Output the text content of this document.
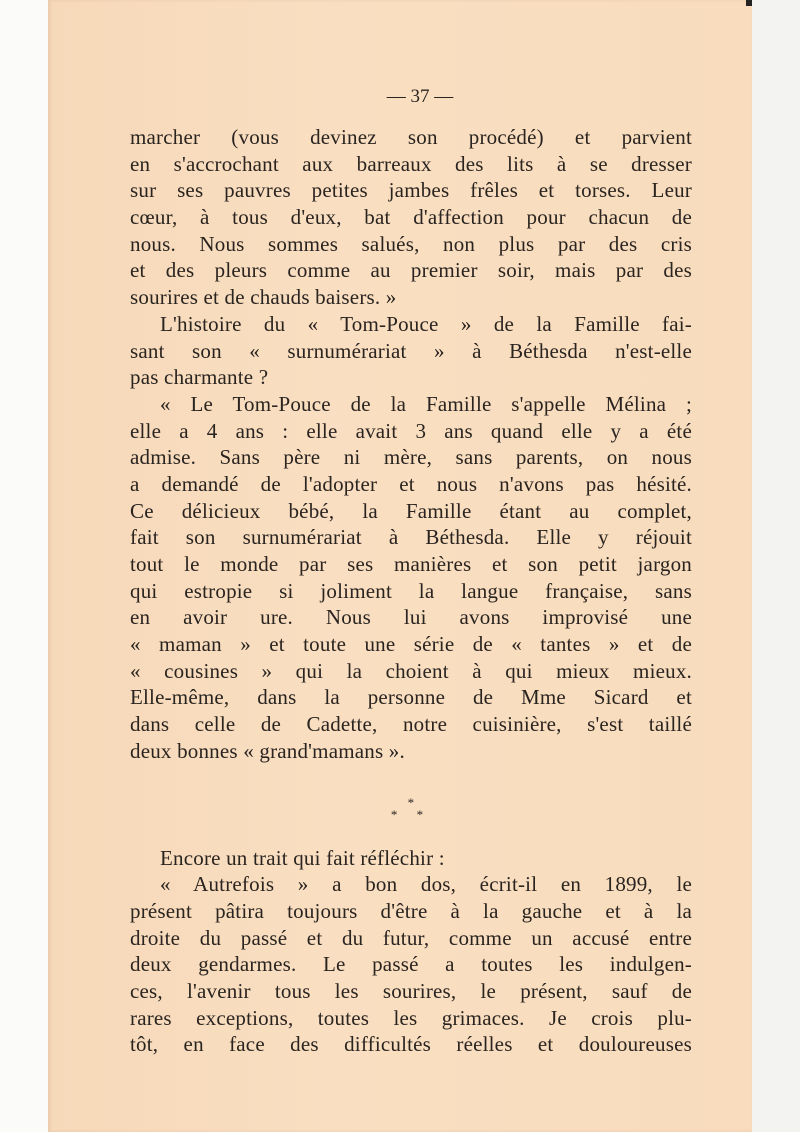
— 37 —
marcher (vous devinez son procédé) et parvient
en s'accrochant aux barreaux des lits à se dresser
sur ses pauvres petites jambes frêles et torses. Leur
cœur, à tous d'eux, bat d'affection pour chacun de
nous. Nous sommes salués, non plus par des cris
et des pleurs comme au premier soir, mais par des
sourires et de chauds baisers. »
L'histoire du « Tom-Pouce » de la Famille fai-
sant son « surnumérariat » à Béthesda n'est-elle
pas charmante ?
« Le Tom-Pouce de la Famille s'appelle Mélina ;
elle a 4 ans : elle avait 3 ans quand elle y a été
admise. Sans père ni mère, sans parents, on nous
a demandé de l'adopter et nous n'avons pas hésité.
Ce délicieux bébé, la Famille étant au complet,
fait son surnumérariat à Béthesda. Elle y réjouit
tout le monde par ses manières et son petit jargon
qui estropie si joliment la langue française, sans
en avoir ure. Nous lui avons improvisé une
« maman » et toute une série de « tantes » et de
« cousines » qui la choient à qui mieux mieux.
Elle-même, dans la personne de Mme Sicard et
dans celle de Cadette, notre cuisinière, s'est taillé
deux bonnes « grand'mamans ».
*
* *
Encore un trait qui fait réfléchir :
« Autrefois » a bon dos, écrit-il en 1899, le
présent pâtira toujours d'être à la gauche et à la
droite du passé et du futur, comme un accusé entre
deux gendarmes. Le passé a toutes les indulgen-
ces, l'avenir tous les sourires, le présent, sauf de
rares exceptions, toutes les grimaces. Je crois plu-
tôt, en face des difficultés réelles et douloureuses
